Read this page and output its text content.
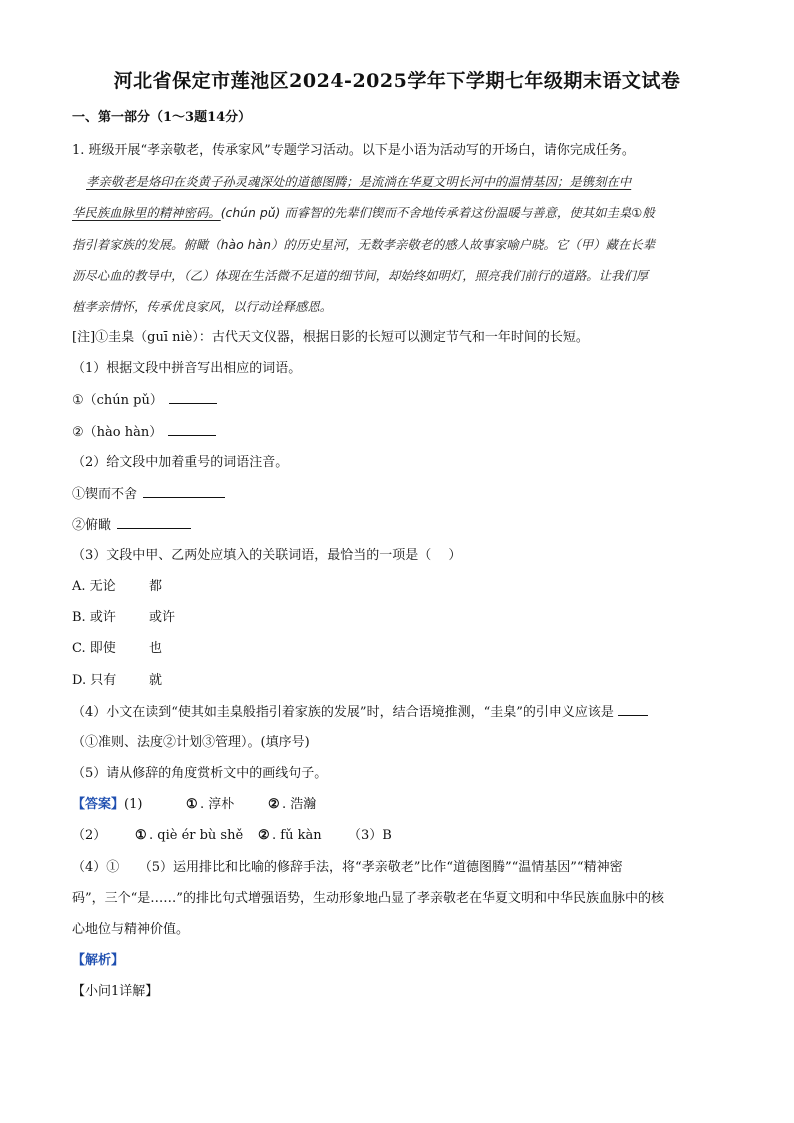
河北省保定市莲池区2024-2025学年下学期七年级期末语文试卷
一、第一部分（1～3题14分）
1. 班级开展“孝亲敬老，传承家风”专题学习活动。以下是小语为活动写的开场白，请你完成任务。
孝亲敬老是烙印在炎黄子孙灵魂深处的道德图腾；是流淌在华夏文明长河中的温情基因；是镌刻在中
华民族血脉里的精神密码。(chún pǔ) 而睿智的先辈们锲而不舍地传承着这份温暖与善意，使其如圭臬①般
指引着家族的发展。俯瞰（hào hàn）的历史星河，无数孝亲敬老的感人故事家喻户晓。它（甲）藏在长辈
沥尽心血的教导中，（乙）体现在生活微不足道的细节间，却始终如明灯，照亮我们前行的道路。让我们厚
植孝亲情怀，传承优良家风，以行动诠释感恩。
[注]①圭臬（guī niè）：古代天文仪器，根据日影的长短可以测定节气和一年时间的长短。
（1）根据文段中拼音写出相应的词语。
①（chún pǔ）
②（hào hàn）
（2）给文段中加着重号的词语注音。
①锲而不舍
②俯瞰
（3）文段中甲、乙两处应填入的关联词语，最恰当的一项是（　 ）
A. 无论	都
B. 或许	或许
C. 即使	也
D. 只有	就
（4）小文在读到“使其如圭臬般指引着家族的发展”时，结合语境推测，“圭臬”的引申义应该是
（①准则、法度②计划③管理）。(填序号)
（5）请从修辞的角度赏析文中的画线句子。
【答案】(1)	① . 淳朴	② . 浩瀚
（2） ① . qiè ér bù shě ② . fǔ kàn （3）B
（4）①　　（5）运用排比和比喻的修辞手法，将“孝亲敬老”比作“道德图腾”“温情基因”“精神密
码”，三个“是……”的排比句式增强语势，生动形象地凸显了孝亲敬老在华夏文明和中华民族血脉中的核
心地位与精神价值。
【解析】
【小问1详解】
